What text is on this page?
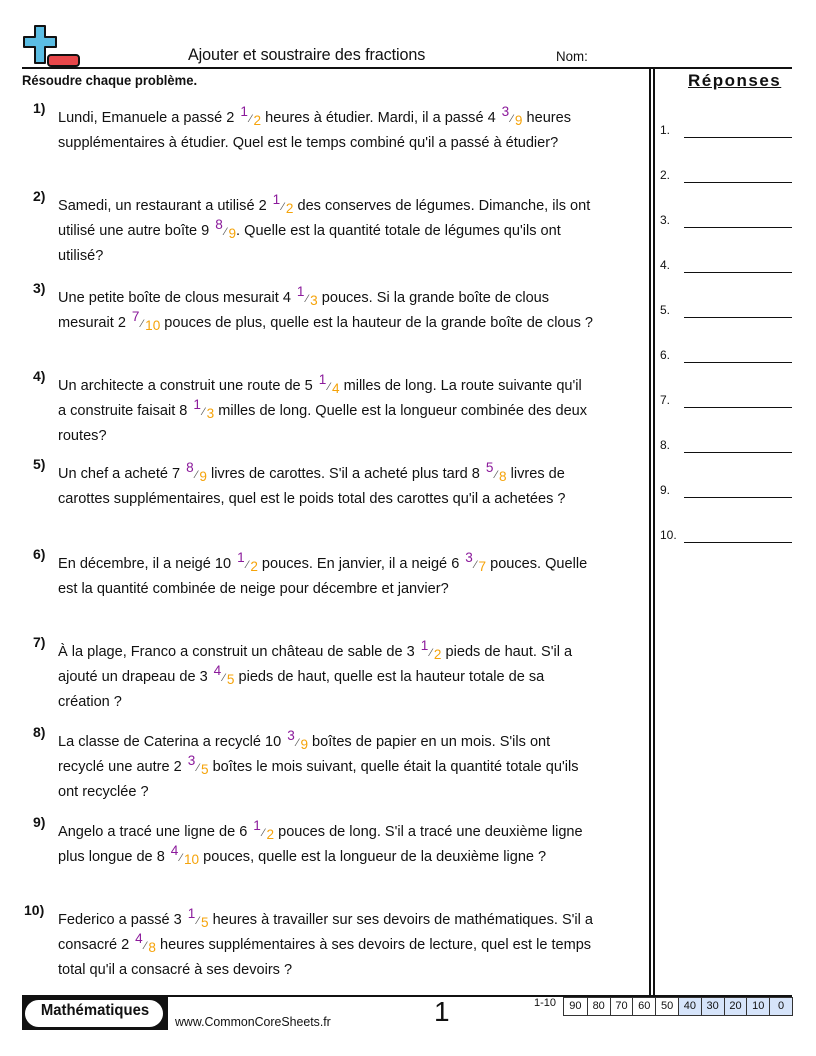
Ajouter et soustraire des fractions	Nom:
Résoudre chaque problème.	Réponses
1)
Lundi, Emanuele a passé 2 1 ⁄ 2 heures à étudier. Mardi, il a passé 4 3 ⁄ 9 heures
supplémentaires à étudier. Quel est le temps combiné qu'il a passé à étudier?
2)
Samedi, un restaurant a utilisé 2 1 ⁄ 2 des conserves de légumes. Dimanche, ils ont
utilisé une autre boîte 9 8 ⁄ 9. Quelle est la quantité totale de légumes qu'ils ont
utilisé?
3)
Une petite boîte de clous mesurait 4 1 ⁄ 3 pouces. Si la grande boîte de clous
mesurait 2 7 ⁄ 10 pouces de plus, quelle est la hauteur de la grande boîte de clous ?
4)
Un architecte a construit une route de 5 1 ⁄ 4 milles de long. La route suivante qu'il
a construite faisait 8 1 ⁄ 3 milles de long. Quelle est la longueur combinée des deux
routes?
5)
Un chef a acheté 7 8 ⁄ 9 livres de carottes. S'il a acheté plus tard 8 5 ⁄ 8 livres de
carottes supplémentaires, quel est le poids total des carottes qu'il a achetées ?
6)
En décembre, il a neigé 10 1 ⁄ 2 pouces. En janvier, il a neigé 6 3 ⁄ 7 pouces. Quelle
est la quantité combinée de neige pour décembre et janvier?
7)
À la plage, Franco a construit un château de sable de 3 1 ⁄ 2 pieds de haut. S'il a
ajouté un drapeau de 3 4 ⁄ 5 pieds de haut, quelle est la hauteur totale de sa
création ?
8)
La classe de Caterina a recyclé 10 3 ⁄ 9 boîtes de papier en un mois. S'ils ont
recyclé une autre 2 3 ⁄ 5 boîtes le mois suivant, quelle était la quantité totale qu'ils
ont recyclée ?
9)
Angelo a tracé une ligne de 6 1 ⁄ 2 pouces de long. S'il a tracé une deuxième ligne
plus longue de 8 4 ⁄ 10 pouces, quelle est la longueur de la deuxième ligne ?
10)
Federico a passé 3 1 ⁄ 5 heures à travailler sur ses devoirs de mathématiques. S'il a
consacré 2 4 ⁄ 8 heures supplémentaires à ses devoirs de lecture, quel est le temps
total qu'il a consacré à ses devoirs ?
1.
2.
3.
4.
5.
6.
7.
8.
9.
10.
Mathématiques
www.CommonCoreSheets.fr	1	1-10	90	80 70 60 50 40 30 20 10	0
